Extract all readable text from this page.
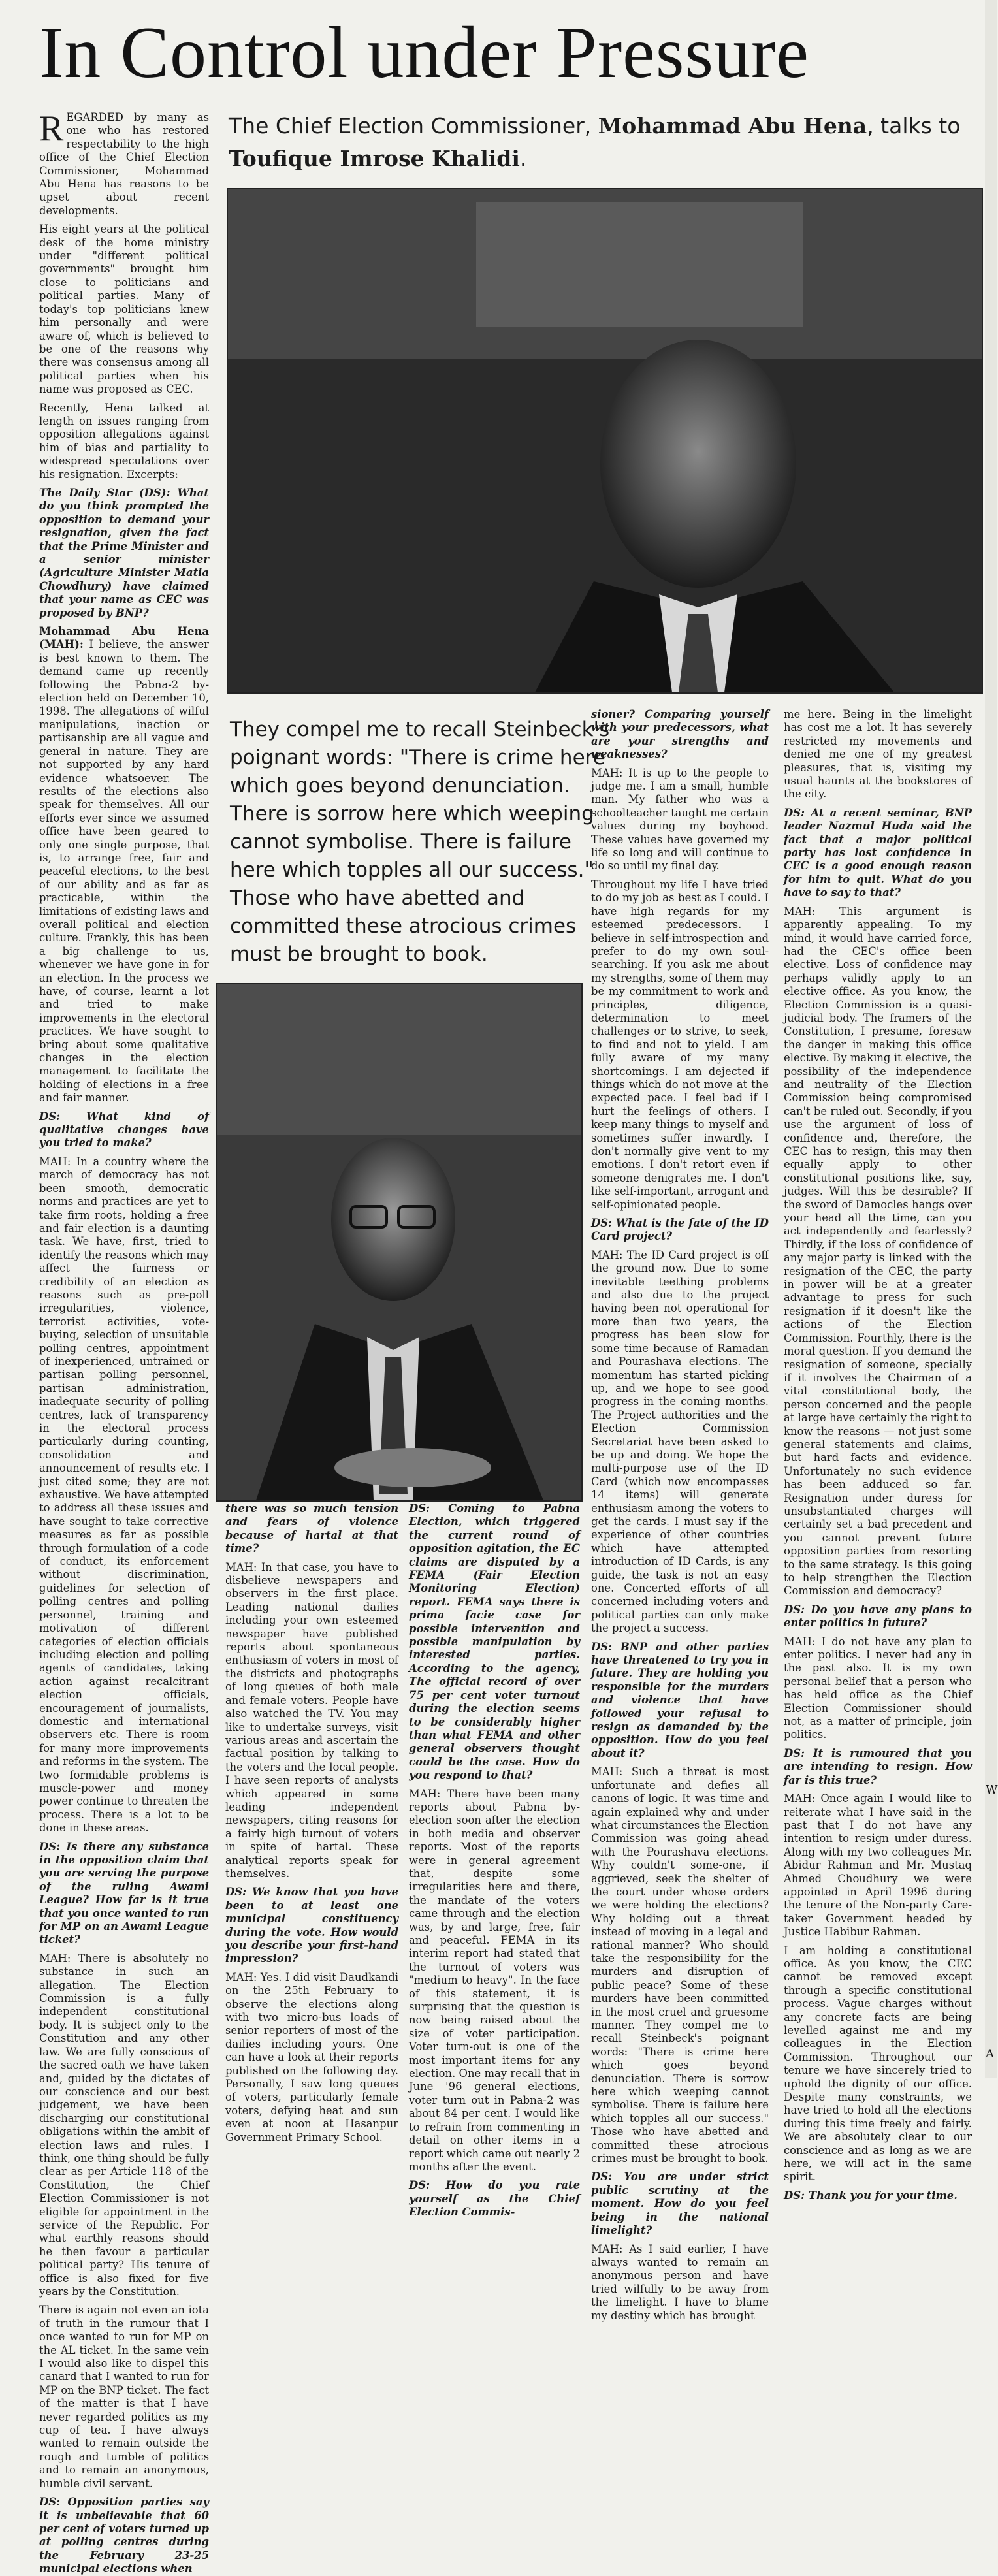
In Control under Pressure
The Chief Election Commissioner, Mohammad Abu Hena, talks to Toufique Imrose Khalidi.

REGARDED by many as one who has restored respectability to the high office of the Chief Election Commissioner, Mohammad Abu Hena has reasons to be upset about recent developments.

His eight years at the political desk of the home ministry under "different political governments" brought him close to politicians and political parties. Many of today's top politicians knew him personally and were aware of, which is believed to be one of the reasons why there was consensus among all political parties when his name was proposed as CEC.

Recently, Hena talked at length on issues ranging from opposition allegations against him of bias and partiality to widespread speculations over his resignation. Excerpts:

The Daily Star (DS): What do you think prompted the opposition to demand your resignation, given the fact that the Prime Minister and a senior minister (Agriculture Minister Matia Chowdhury) have claimed that your name as CEC was proposed by BNP?

Mohammad Abu Hena (MAH): I believe, the answer is best known to them. The demand came up recently following the Pabna-2 by-election held on December 10, 1998. The allegations of wilful manipulations, inaction or partisanship are all vague and general in nature. They are not supported by any hard evidence whatsoever. The results of the elections also speak for themselves. All our efforts ever since we assumed office have been geared to only one single purpose, that is, to arrange free, fair and peaceful elections, to the best of our ability and as far as practicable, within the limitations of existing laws and overall political and election culture. Frankly, this has been a big challenge to us, whenever we have gone in for an election. In the process we have, of course, learnt a lot and tried to make improvements in the electoral practices. We have sought to bring about some qualitative changes in the election management to facilitate the holding of elections in a free and fair manner.

DS: What kind of qualitative changes have you tried to make?

MAH: In a country where the march of democracy has not been smooth, democratic norms and practices are yet to take firm roots, holding a free and fair election is a daunting task. We have, first, tried to identify the reasons which may affect the fairness or credibility of an election as reasons such as pre-poll irregularities, violence, terrorist activities, vote-buying, selection of unsuitable polling centres, appointment of inexperienced, untrained or partisan polling personnel, partisan administration, inadequate security of polling centres, lack of transparency in the electoral process particularly during counting, consolidation and announcement of results etc. I just cited some; they are not exhaustive. We have attempted to address all these issues and have sought to take corrective measures as far as possible through formulation of a code of conduct, its enforcement without discrimination, guidelines for selection of polling centres and polling personnel, training and motivation of different categories of election officials including election and polling agents of candidates, taking action against recalcitrant election officials, encouragement of journalists, domestic and international observers etc. There is room for many more improvements and reforms in the system. The two formidable problems is muscle-power and money power continue to threaten the process. There is a lot to be done in these areas.

DS: Is there any substance in the opposition claim that you are serving the purpose of the ruling Awami League? How far is it true that you once wanted to run for MP on an Awami League ticket?

MAH: There is absolutely no substance in such an allegation. The Election Commission is a fully independent constitutional body. It is subject only to the Constitution and any other law. We are fully conscious of the sacred oath we have taken and, guided by the dictates of our conscience and our best judgement, we have been discharging our constitutional obligations within the ambit of election laws and rules. I think, one thing should be fully clear as per Article 118 of the Constitution, the Chief Election Commissioner is not eligible for appointment in the service of the Republic. For what earthly reasons should he then favour a particular political party? His tenure of office is also fixed for five years by the Constitution.

There is again not even an iota of truth in the rumour that I once wanted to run for MP on the AL ticket. In the same vein I would also like to dispel this canard that I wanted to run for MP on the BNP ticket. The fact of the matter is that I have never regarded politics as my cup of tea. I have always wanted to remain outside the rough and tumble of politics and to remain an anonymous, humble civil servant.

DS: Opposition parties say it is unbelievable that 60 per cent of voters turned up at polling centres during the February 23-25 municipal elections when

They compel me to recall Steinbeck's poignant words: "There is crime here which goes beyond denunciation. There is sorrow here which weeping cannot symbolise. There is failure here which topples all our success." Those who have abetted and committed these atrocious crimes must be brought to book.

there was so much tension and fears of violence because of hartal at that time?

MAH: In that case, you have to disbelieve newspapers and observers in the first place. Leading national dailies including your own esteemed newspaper have published reports about spontaneous enthusiasm of voters in most of the districts and photographs of long queues of both male and female voters. People have also watched the TV. You may like to undertake surveys, visit various areas and ascertain the factual position by talking to the voters and the local people. I have seen reports of analysts which appeared in some leading independent newspapers, citing reasons for a fairly high turnout of voters in spite of hartal. These analytical reports speak for themselves.

DS: We know that you have been to at least one municipal constituency during the vote. How would you describe your first-hand impression?

MAH: Yes. I did visit Daudkandi on the 25th February to observe the elections along with two micro-bus loads of senior reporters of most of the dailies including yours. One can have a look at their reports published on the following day. Personally, I saw long queues of voters, particularly female voters, defying heat and sun even at noon at Hasanpur Government Primary School.

DS: Coming to Pabna Election, which triggered the current round of opposition agitation, the EC claims are disputed by a FEMA (Fair Election Monitoring Election) report. FEMA says there is prima facie case for possible intervention and possible manipulation by interested parties. According to the agency, The official record of over 75 per cent voter turnout during the election seems to be considerably higher than what FEMA and other general observers thought could be the case. How do you respond to that?

MAH: There have been many reports about Pabna by-election soon after the election in both media and observer reports. Most of the reports were in general agreement that, despite some irregularities here and there, the mandate of the voters came through and the election was, by and large, free, fair and peaceful. FEMA in its interim report had stated that the turnout of voters was "medium to heavy". In the face of this statement, it is surprising that the question is now being raised about the size of voter participation. Voter turn-out is one of the most important items for any election. One may recall that in June '96 general elections, voter turn out in Pabna-2 was about 84 per cent. I would like to refrain from commenting in detail on other items in a report which came out nearly 2 months after the event.

DS: How do you rate yourself as the Chief Election Commis-

sioner? Comparing yourself with your predecessors, what are your strengths and weaknesses?

MAH: It is up to the people to judge me. I am a small, humble man. My father who was a schoolteacher taught me certain values during my boyhood. These values have governed my life so long and will continue to do so until my final day.

Throughout my life I have tried to do my job as best as I could. I have high regards for my esteemed predecessors. I believe in self-introspection and prefer to do my own soul-searching. If you ask me about my strengths, some of them may be my commitment to work and principles, diligence, determination to meet challenges or to strive, to seek, to find and not to yield. I am fully aware of my many shortcomings. I am dejected if things which do not move at the expected pace. I feel bad if I hurt the feelings of others. I keep many things to myself and sometimes suffer inwardly. I don't normally give vent to my emotions. I don't retort even if someone denigrates me. I don't like self-important, arrogant and self-opinionated people.

DS: What is the fate of the ID Card project?

MAH: The ID Card project is off the ground now. Due to some inevitable teething problems and also due to the project having been not operational for more than two years, the progress has been slow for some time because of Ramadan and Pourashava elections. The momentum has started picking up, and we hope to see good progress in the coming months. The Project authorities and the Election Commission Secretariat have been asked to be up and doing. We hope the multi-purpose use of the ID Card (which now encompasses 14 items) will generate enthusiasm among the voters to get the cards. I must say if the experience of other countries which have attempted introduction of ID Cards, is any guide, the task is not an easy one. Concerted efforts of all concerned including voters and political parties can only make the project a success.

DS: BNP and other parties have threatened to try you in future. They are holding you responsible for the murders and violence that have followed your refusal to resign as demanded by the opposition. How do you feel about it?

MAH: Such a threat is most unfortunate and defies all canons of logic. It was time and again explained why and under what circumstances the Election Commission was going ahead with the Pourashava elections. Why couldn't some-one, if aggrieved, seek the shelter of the court under whose orders we were holding the elections? Why holding out a threat instead of moving in a legal and rational manner? Who should take the responsibility for the murders and disruption of public peace? Some of these murders have been committed in the most cruel and gruesome manner. They compel me to recall Steinbeck's poignant words: "There is crime here which goes beyond denunciation. There is sorrow here which weeping cannot symbolise. There is failure here which topples all our success." Those who have abetted and committed these atrocious crimes must be brought to book.

DS: You are under strict public scrutiny at the moment. How do you feel being in the national limelight?

MAH: As I said earlier, I have always wanted to remain an anonymous person and have tried wilfully to be away from the limelight. I have to blame my destiny which has brought

me here. Being in the limelight has cost me a lot. It has severely restricted my movements and denied me one of my greatest pleasures, that is, visiting my usual haunts at the bookstores of the city.

DS: At a recent seminar, BNP leader Nazmul Huda said the fact that a major political party has lost confidence in CEC is a good enough reason for him to quit. What do you have to say to that?

MAH: This argument is apparently appealing. To my mind, it would have carried force, had the CEC's office been elective. Loss of confidence may perhaps validly apply to an elective office. As you know, the Election Commission is a quasi-judicial body. The framers of the Constitution, I presume, foresaw the danger in making this office elective. By making it elective, the possibility of the independence and neutrality of the Election Commission being compromised can't be ruled out. Secondly, if you use the argument of loss of confidence and, therefore, the CEC has to resign, this may then equally apply to other constitutional positions like, say, judges. Will this be desirable? If the sword of Damocles hangs over your head all the time, can you act independently and fearlessly? Thirdly, if the loss of confidence of any major party is linked with the resignation of the CEC, the party in power will be at a greater advantage to press for such resignation if it doesn't like the actions of the Election Commission. Fourthly, there is the moral question. If you demand the resignation of someone, specially if it involves the Chairman of a vital constitutional body, the person concerned and the people at large have certainly the right to know the reasons — not just some general statements and claims, but hard facts and evidence. Unfortunately no such evidence has been adduced so far. Resignation under duress for unsubstantiated charges will certainly set a bad precedent and you cannot prevent future opposition parties from resorting to the same strategy. Is this going to help strengthen the Election Commission and democracy?

DS: Do you have any plans to enter politics in future?

MAH: I do not have any plan to enter politics. I never had any in the past also. It is my own personal belief that a person who has held office as the Chief Election Commissioner should not, as a matter of principle, join politics.

DS: It is rumoured that you are intending to resign. How far is this true?

MAH: Once again I would like to reiterate what I have said in the past that I do not have any intention to resign under duress. Along with my two colleagues Mr. Abidur Rahman and Mr. Mustaq Ahmed Choudhury we were appointed in April 1996 during the tenure of the Non-party Care-taker Government headed by Justice Habibur Rahman.

I am holding a constitutional office. As you know, the CEC cannot be removed except through a specific constitutional process. Vague charges without any concrete facts are being levelled against me and my colleagues in the Election Commission. Throughout our tenure we have sincerely tried to uphold the dignity of our office. Despite many constraints, we have tried to hold all the elections during this time freely and fairly. We are absolutely clear to our conscience and as long as we are here, we will act in the same spirit.

DS: Thank you for your time.

W
A
